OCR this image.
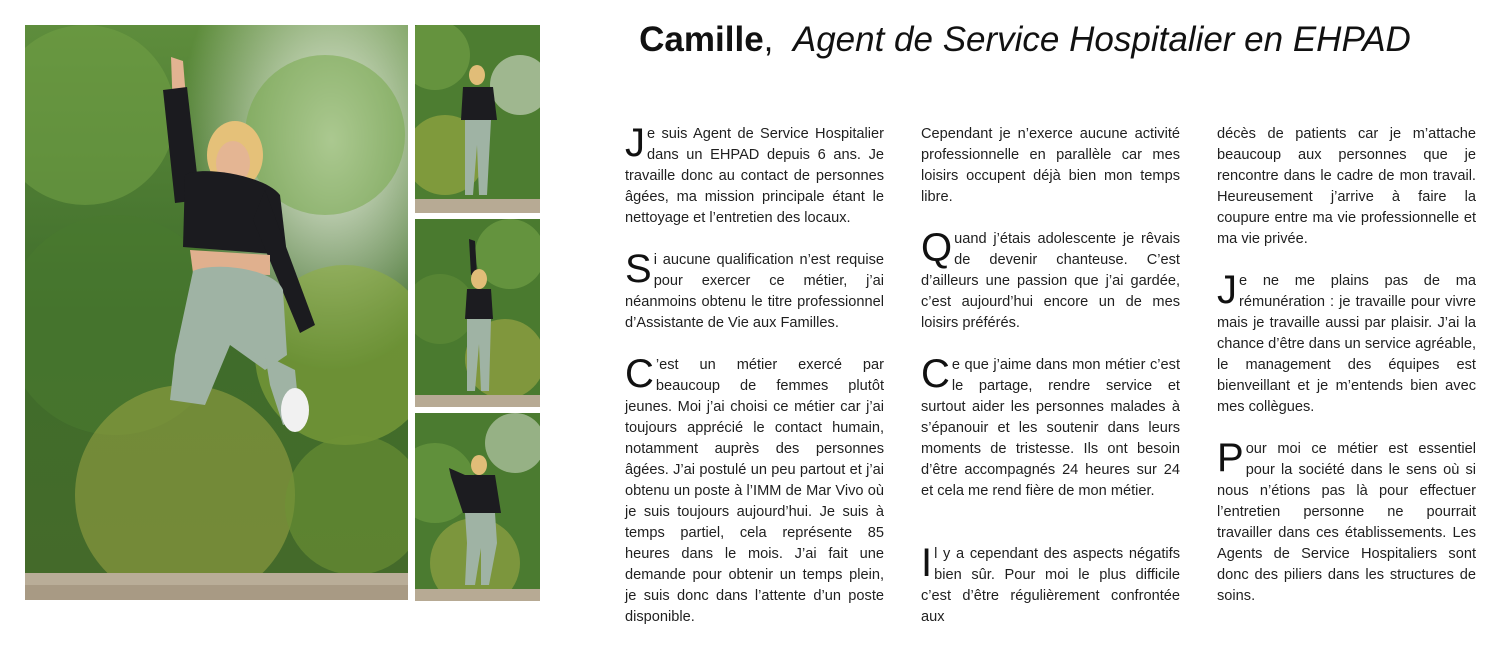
Camille, Agent de Service Hospitalier en EHPAD

Je suis Agent de Service Hospitalier dans un EHPAD depuis 6 ans. Je travaille donc au contact de personnes âgées, ma mission principale étant le nettoyage et l’entretien des locaux.

Si aucune qualification n’est requise pour exercer ce métier, j’ai néanmoins obtenu le titre professionnel d’Assistante de Vie aux Familles.

C ’est un métier exercé par beaucoup de femmes plutôt jeunes. Moi j’ai choisi ce métier car j’ai toujours apprécié le contact humain, notamment auprès des personnes âgées. J’ai postulé un peu partout et j’ai obtenu un poste à l’IMM de Mar Vivo où je suis toujours aujourd’hui. Je suis à temps partiel, cela représente 85 heures dans le mois. J’ai fait une demande pour obtenir un temps plein, je suis donc dans l’attente d’un poste disponible.

Cependant je n’exerce aucune activité professionnelle en parallèle car mes loisirs occupent déjà bien mon temps libre.

Quand j’étais adolescente je rêvais de devenir chanteuse. C’est d’ailleurs une passion que j’ai gardée, c’est aujourd’hui encore un de mes loisirs préférés.

Ce que j’aime dans mon métier c’est le partage, rendre service et surtout aider les personnes malades à s’épanouir et les soutenir dans leurs moments de tristesse. Ils ont besoin d’être accompagnés 24 heures sur 24 et cela me rend fière de mon métier.

Il y a cependant des aspects négatifs bien sûr. Pour moi le plus difficile c’est d’être régulièrement confrontée aux

décès de patients car je m’attache beaucoup aux personnes que je rencontre dans le cadre de mon travail. Heureusement j’arrive à faire la coupure entre ma vie professionnelle et ma vie privée.

Je ne me plains pas de ma rémunération : je travaille pour vivre mais je travaille aussi par plaisir. J’ai la chance d’être dans un service agréable, le management des équipes est bienveillant et je m’entends bien avec mes collègues.

Pour moi ce métier est essentiel pour la société dans le sens où si nous n’étions pas là pour effectuer l’entretien personne ne pourrait travailler dans ces établissements. Les Agents de Service Hospitaliers sont donc des piliers dans les structures de soins.
